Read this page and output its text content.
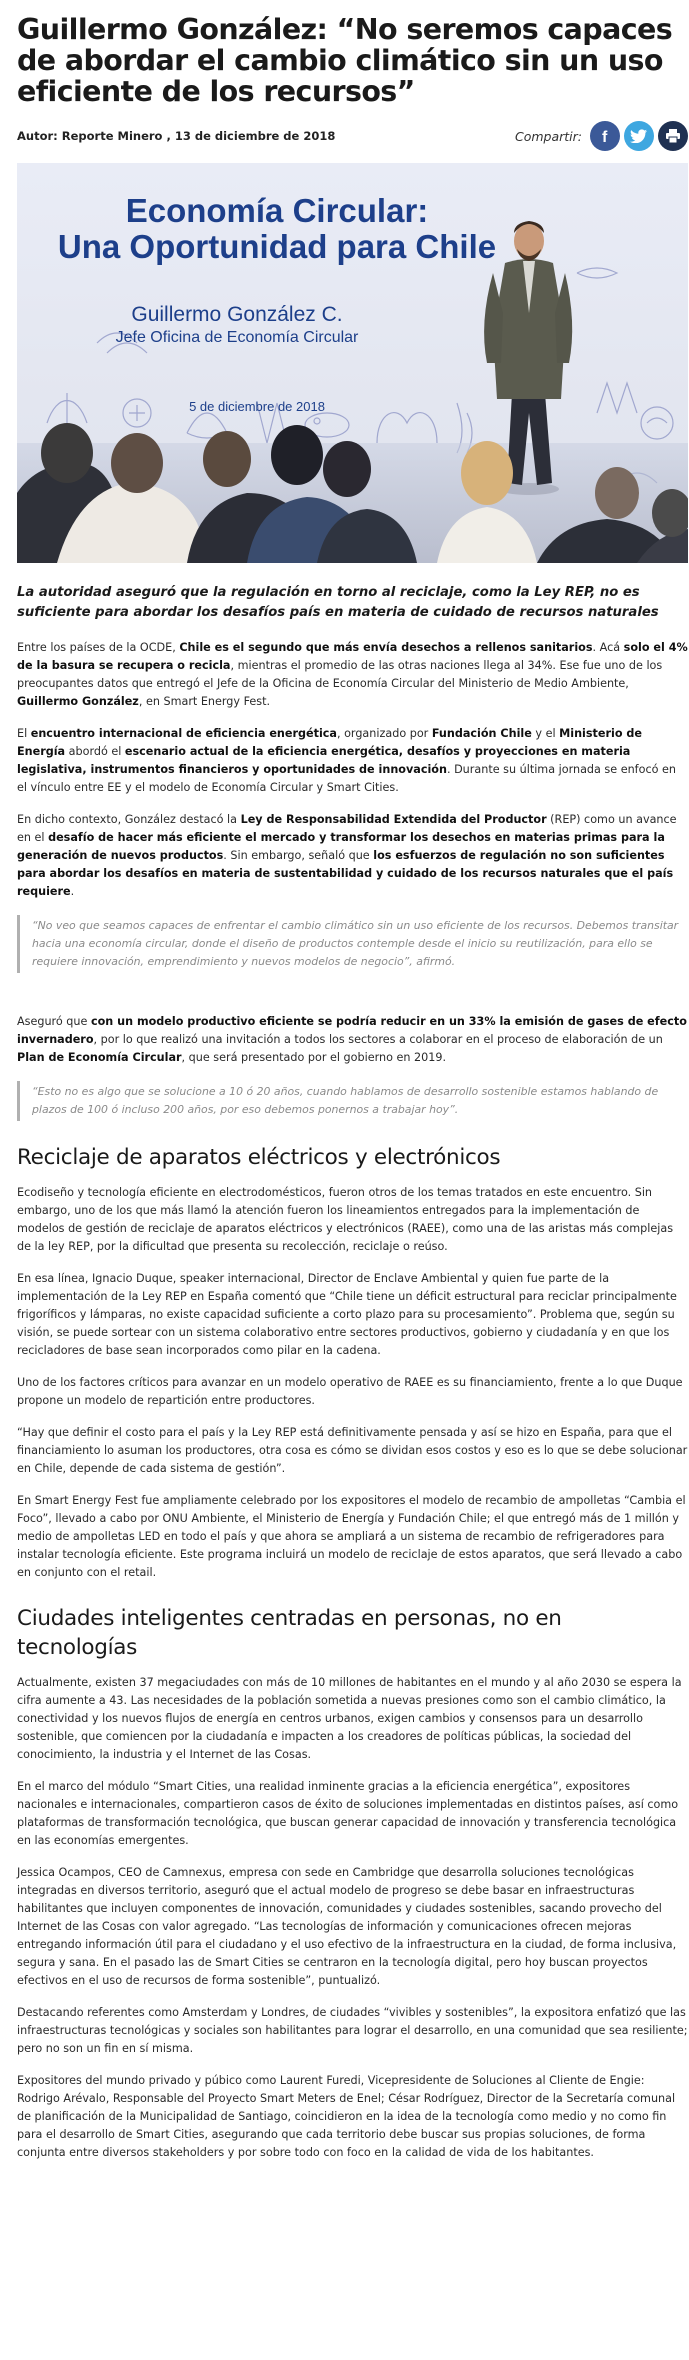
Guillermo González: “No seremos capaces de abordar el cambio climático sin un uso eficiente de los recursos”
Autor: Reporte Minero , 13 de diciembre de 2018	Compartir: f
Economía Circular:
Una Oportunidad para Chile
Guillermo González C.
Jefe Oficina de Economía Circular
5 de diciembre de 2018
La autoridad aseguró que la regulación en torno al reciclaje, como la Ley REP, no es suficiente para abordar los desafíos país en materia de cuidado de recursos naturales

Entre los países de la OCDE, Chile es el segundo que más envía desechos a rellenos sanitarios. Acá solo el 4% de la basura se recupera o recicla, mientras el promedio de las otras naciones llega al 34%. Ese fue uno de los preocupantes datos que entregó el Jefe de la Oficina de Economía Circular del Ministerio de Medio Ambiente, Guillermo González, en Smart Energy Fest.

El encuentro internacional de eficiencia energética, organizado por Fundación Chile y el Ministerio de Energía abordó el escenario actual de la eficiencia energética, desafíos y proyecciones en materia legislativa, instrumentos financieros y oportunidades de innovación. Durante su última jornada se enfocó en el vínculo entre EE y el modelo de Economía Circular y Smart Cities.

En dicho contexto, González destacó la Ley de Responsabilidad Extendida del Productor (REP) como un avance en el desafío de hacer más eficiente el mercado y transformar los desechos en materias primas para la generación de nuevos productos. Sin embargo, señaló que los esfuerzos de regulación no son suficientes para abordar los desafíos en materia de sustentabilidad y cuidado de los recursos naturales que el país requiere.

“No veo que seamos capaces de enfrentar el cambio climático sin un uso eficiente de los recursos. Debemos transitar hacia una economía circular, donde el diseño de productos contemple desde el inicio su reutilización, para ello se requiere innovación, emprendimiento y nuevos modelos de negocio”, afirmó.

Aseguró que con un modelo productivo eficiente se podría reducir en un 33% la emisión de gases de efecto invernadero, por lo que realizó una invitación a todos los sectores a colaborar en el proceso de elaboración de un Plan de Economía Circular, que será presentado por el gobierno en 2019.

“Esto no es algo que se solucione a 10 ó 20 años, cuando hablamos de desarrollo sostenible estamos hablando de plazos de 100 ó incluso 200 años, por eso debemos ponernos a trabajar hoy”.
Reciclaje de aparatos eléctricos y electrónicos

Ecodiseño y tecnología eficiente en electrodomésticos, fueron otros de los temas tratados en este encuentro. Sin embargo, uno de los que más llamó la atención fueron los lineamientos entregados para la implementación de modelos de gestión de reciclaje de aparatos eléctricos y electrónicos (RAEE), como una de las aristas más complejas de la ley REP, por la dificultad que presenta su recolección, reciclaje o reúso.

En esa línea, Ignacio Duque, speaker internacional, Director de Enclave Ambiental y quien fue parte de la implementación de la Ley REP en España comentó que “Chile tiene un déficit estructural para reciclar principalmente frigoríficos y lámparas, no existe capacidad suficiente a corto plazo para su procesamiento”. Problema que, según su visión, se puede sortear con un sistema colaborativo entre sectores productivos, gobierno y ciudadanía y en que los recicladores de base sean incorporados como pilar en la cadena.

Uno de los factores críticos para avanzar en un modelo operativo de RAEE es su financiamiento, frente a lo que Duque propone un modelo de repartición entre productores.

“Hay que definir el costo para el país y la Ley REP está definitivamente pensada y así se hizo en España, para que el financiamiento lo asuman los productores, otra cosa es cómo se dividan esos costos y eso es lo que se debe solucionar en Chile, depende de cada sistema de gestión”.

En Smart Energy Fest fue ampliamente celebrado por los expositores el modelo de recambio de ampolletas “Cambia el Foco”, llevado a cabo por ONU Ambiente, el Ministerio de Energía y Fundación Chile; el que entregó más de 1 millón y medio de ampolletas LED en todo el país y que ahora se ampliará a un sistema de recambio de refrigeradores para instalar tecnología eficiente. Este programa incluirá un modelo de reciclaje de estos aparatos, que será llevado a cabo en conjunto con el retail.

Ciudades inteligentes centradas en personas, no en tecnologías

Actualmente, existen 37 megaciudades con más de 10 millones de habitantes en el mundo y al año 2030 se espera la cifra aumente a 43. Las necesidades de la población sometida a nuevas presiones como son el cambio climático, la conectividad y los nuevos flujos de energía en centros urbanos, exigen cambios y consensos para un desarrollo sostenible, que comiencen por la ciudadanía e impacten a los creadores de políticas públicas, la sociedad del conocimiento, la industria y el Internet de las Cosas.

En el marco del módulo “Smart Cities, una realidad inminente gracias a la eficiencia energética”, expositores nacionales e internacionales, compartieron casos de éxito de soluciones implementadas en distintos países, así como plataformas de transformación tecnológica, que buscan generar capacidad de innovación y transferencia tecnológica en las economías emergentes.

Jessica Ocampos, CEO de Camnexus, empresa con sede en Cambridge que desarrolla soluciones tecnológicas integradas en diversos territorio, aseguró que el actual modelo de progreso se debe basar en infraestructuras habilitantes que incluyen componentes de innovación, comunidades y ciudades sostenibles, sacando provecho del Internet de las Cosas con valor agregado. “Las tecnologías de información y comunicaciones ofrecen mejoras entregando información útil para el ciudadano y el uso efectivo de la infraestructura en la ciudad, de forma inclusiva, segura y sana. En el pasado las de Smart Cities se centraron en la tecnología digital, pero hoy buscan proyectos efectivos en el uso de recursos de forma sostenible”, puntualizó.

Destacando referentes como Amsterdam y Londres, de ciudades “vivibles y sostenibles”, la expositora enfatizó que las infraestructuras tecnológicas y sociales son habilitantes para lograr el desarrollo, en una comunidad que sea resiliente; pero no son un fin en sí misma.

Expositores del mundo privado y púbico como Laurent Furedi, Vicepresidente de Soluciones al Cliente de Engie: Rodrigo Arévalo, Responsable del Proyecto Smart Meters de Enel; César Rodríguez, Director de la Secretaría comunal de planificación de la Municipalidad de Santiago, coincidieron en la idea de la tecnología como medio y no como fin para el desarrollo de Smart Cities, asegurando que cada territorio debe buscar sus propias soluciones, de forma conjunta entre diversos stakeholders y por sobre todo con foco en la calidad de vida de los habitantes.
